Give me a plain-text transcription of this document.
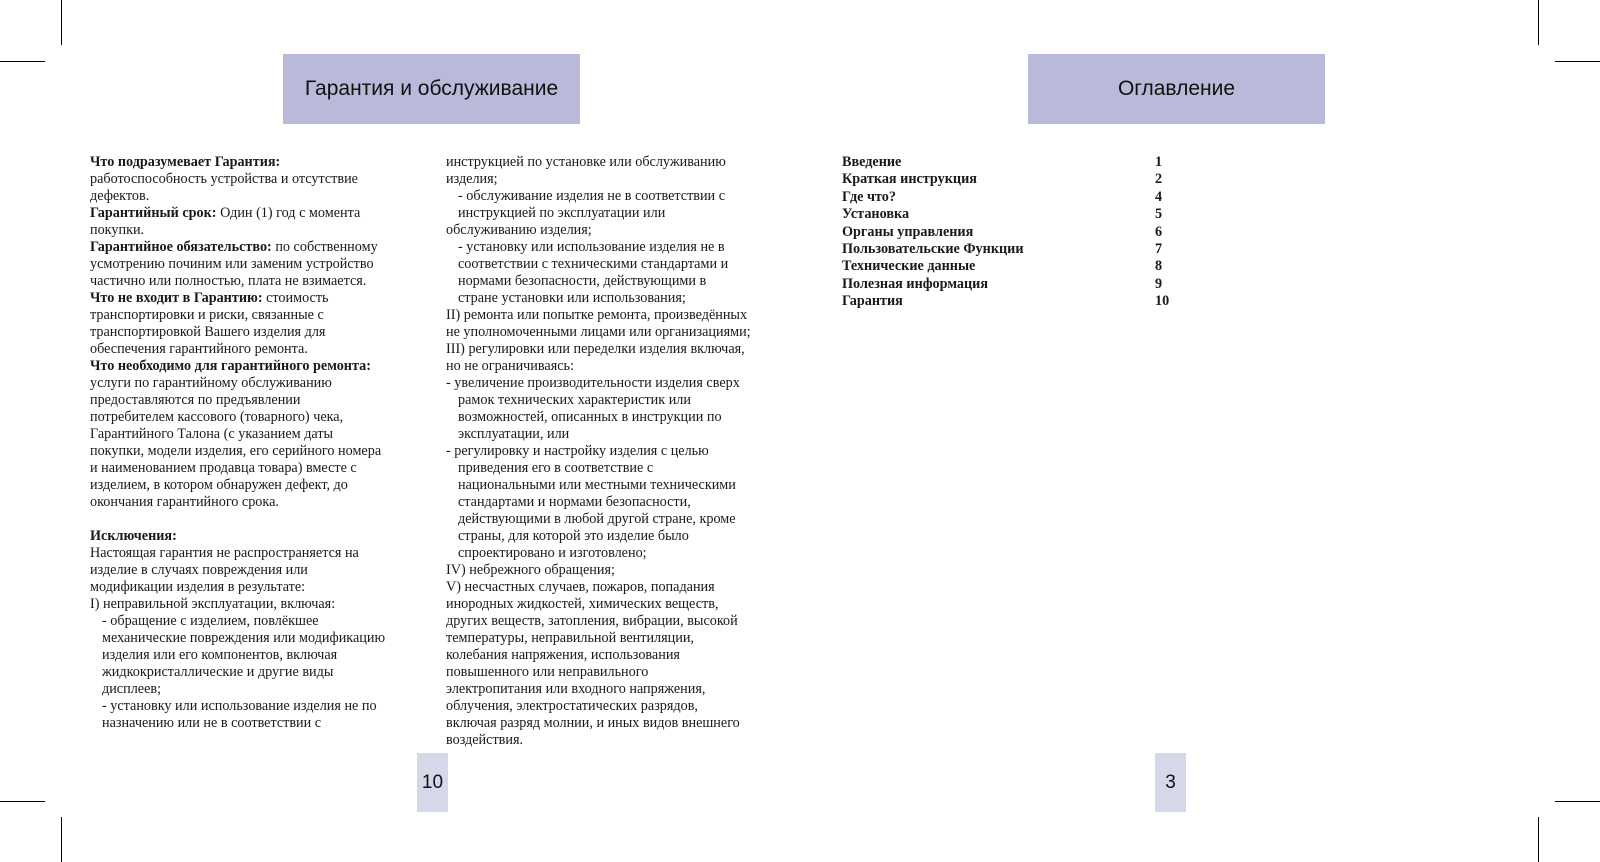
Гарантия и обслуживание
Что подразумевает Гарантия:
работоспособность устройства и отсутствие
дефектов.
Гарантийный срок: Один (1) год с момента
покупки.
Гарантийное обязательство: по собственному
усмотрению починим или заменим устройство
частично или полностью, плата не взимается.
Что не входит в Гарантию: стоимость
транспортировки и риски, связанные с
транспортировкой Вашего изделия для
обеспечения гарантийного ремонта.
Что необходимо для гарантийного ремонта:
услуги по гарантийному обслуживанию
предоставляются по предъявлении
потребителем кассового (товарного) чека,
Гарантийного Талона (с указанием даты
покупки, модели изделия, его серийного номера
и наименованием продавца товара) вместе с
изделием, в котором обнаружен дефект, до
окончания гарантийного срока.
Исключения:
Настоящая гарантия не распространяется на
изделие в случаях повреждения или
модификации изделия в результате:
I) неправильной эксплуатации, включая:
- обращение с изделием, повлёкшее
механические повреждения или модификацию
изделия или его компонентов, включая
жидкокристаллические и другие виды
дисплеев;
- установку или использование изделия не по
назначению или не в соответствии с
инструкцией по установке или обслуживанию
изделия;
- обслуживание изделия не в соответствии с
инструкцией по эксплуатации или
обслуживанию изделия;
- установку или использование изделия не в
соответствии с техническими стандартами и
нормами безопасности, действующими в
стране установки или использования;
II) ремонта или попытке ремонта, произведённых
не уполномоченными лицами или организациями;
III) регулировки или переделки изделия включая,
но не ограничиваясь:
- увеличение производительности изделия сверх
рамок технических характеристик или
возможностей, описанных в инструкции по
эксплуатации, или
- регулировку и настройку изделия с целью
приведения его в соответствие с
национальными или местными техническими
стандартами и нормами безопасности,
действующими в любой другой стране, кроме
страны, для которой это изделие было
спроектировано и изготовлено;
IV) небрежного обращения;
V) несчастных случаев, пожаров, попадания
инородных жидкостей, химических веществ,
других веществ, затопления, вибрации, высокой
температуры, неправильной вентиляции,
колебания напряжения, использования
повышенного или неправильного
электропитания или входного напряжения,
облучения, электростатических разрядов,
включая разряд молнии, и иных видов внешнего
воздействия.
10
Оглавление
Введение	1
Краткая инструкция	2
Где что?	4
Установка	5
Органы управления	6
Пользовательские Функции	7
Технические данные	8
Полезная информация	9
Гарантия	10
3
